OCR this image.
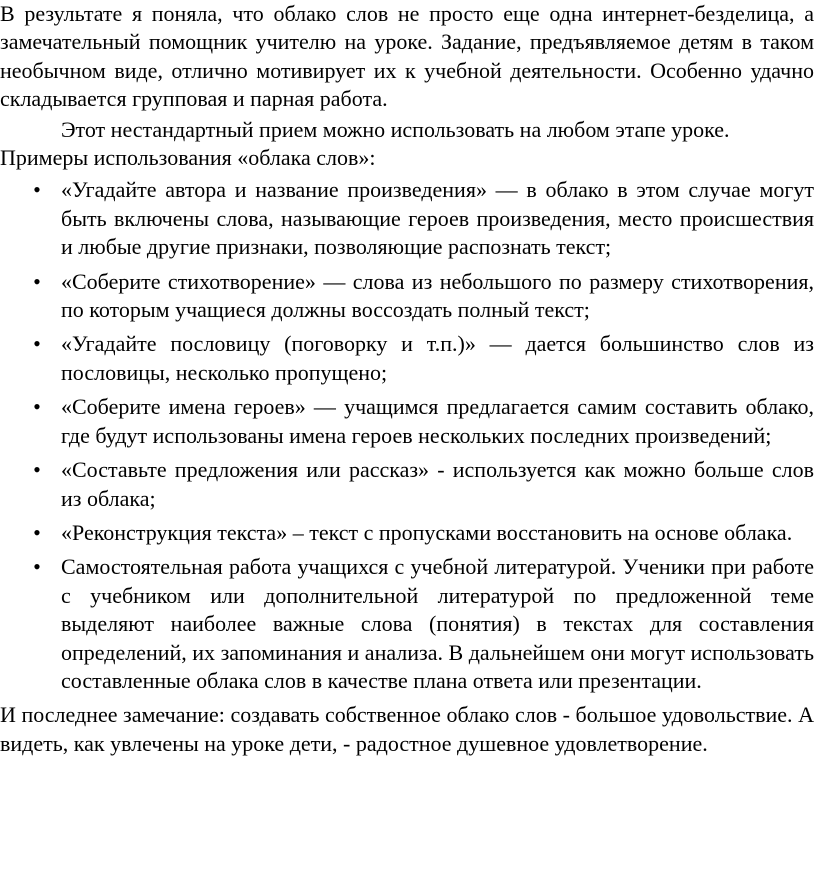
В результате я поняла, что облако слов не просто еще одна интернет-безделица, а замечательный помощник учителю на уроке. Задание, предъявляемое детям в таком необычном виде, отлично мотивирует их к учебной деятельности. Особенно удачно складывается групповая и парная работа.

Этот нестандартный прием можно использовать на любом этапе уроке.

Примеры использования «облака слов»:

• «Угадайте автора и название произведения» — в облако в этом случае могут быть включены слова, называющие героев произведения, место происшествия и любые другие признаки, позволяющие распознать текст;
• «Соберите стихотворение» — слова из небольшого по размеру стихотворения, по которым учащиеся должны воссоздать полный текст;
• «Угадайте пословицу (поговорку и т.п.)» — дается большинство слов из пословицы, несколько пропущено;
• «Соберите имена героев» — учащимся предлагается самим составить облако, где будут использованы имена героев нескольких последних произведений;
• «Составьте предложения или рассказ» - используется как можно больше слов из облака;
• «Реконструкция текста» – текст с пропусками восстановить на основе облака.
• Самостоятельная работа учащихся с учебной литературой. Ученики при работе с учебником или дополнительной литературой по предложенной теме выделяют наиболее важные слова (понятия) в текстах для составления определений, их запоминания и анализа. В дальнейшем они могут использовать составленные облака слов в качестве плана ответа или презентации.

И последнее замечание: создавать собственное облако слов - большое удовольствие. А видеть, как увлечены на уроке дети, - радостное душевное удовлетворение.
